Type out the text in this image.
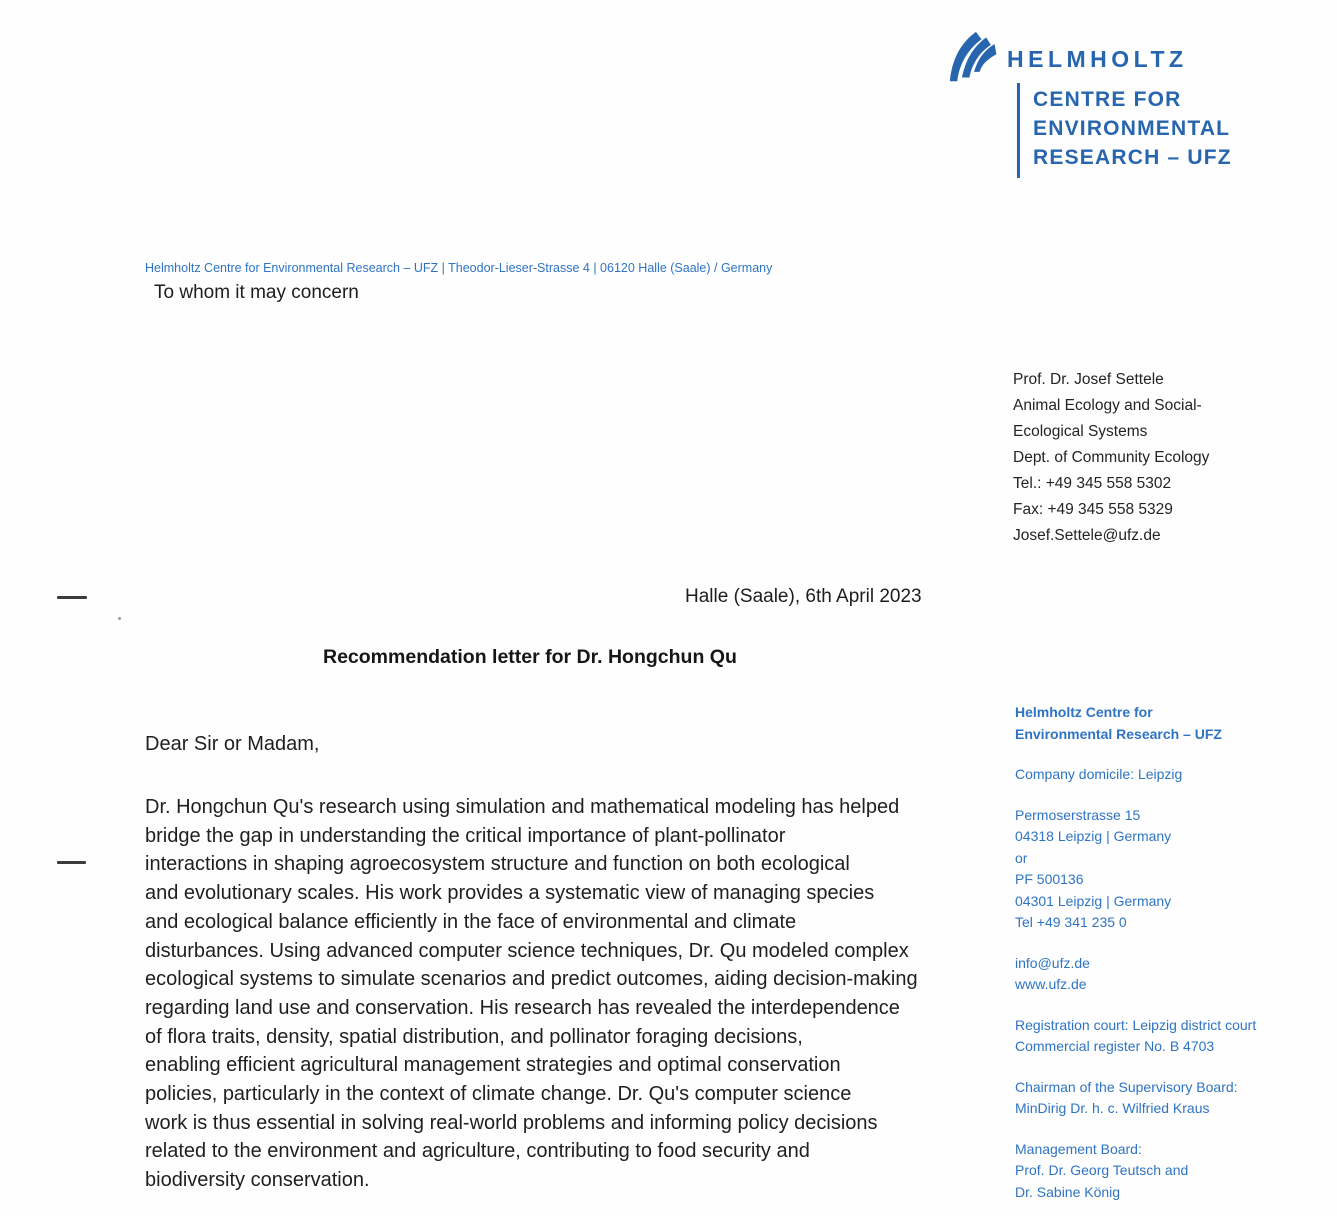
HELMHOLTZ
CENTRE FOR
ENVIRONMENTAL
RESEARCH – UFZ
Helmholtz Centre for Environmental Research – UFZ | Theodor-Lieser-Strasse 4 | 06120 Halle (Saale) / Germany
To whom it may concern
Prof. Dr. Josef Settele
Animal Ecology and Social-
Ecological Systems
Dept. of Community Ecology
Tel.: +49 345 558 5302
Fax: +49 345 558 5329
Josef.Settele@ufz.de
Halle (Saale), 6th April 2023
Recommendation letter for Dr. Hongchun Qu
Dear Sir or Madam,
Dr. Hongchun Qu's research using simulation and mathematical modeling has helped
bridge the gap in understanding the critical importance of plant-pollinator
interactions in shaping agroecosystem structure and function on both ecological
and evolutionary scales. His work provides a systematic view of managing species
and ecological balance efficiently in the face of environmental and climate
disturbances. Using advanced computer science techniques, Dr. Qu modeled complex
ecological systems to simulate scenarios and predict outcomes, aiding decision-making
regarding land use and conservation. His research has revealed the interdependence
of flora traits, density, spatial distribution, and pollinator foraging decisions,
enabling efficient agricultural management strategies and optimal conservation
policies, particularly in the context of climate change. Dr. Qu's computer science
work is thus essential in solving real-world problems and informing policy decisions
related to the environment and agriculture, contributing to food security and
biodiversity conservation.
Helmholtz Centre for
Environmental Research – UFZ
Company domicile: Leipzig
Permoserstrasse 15
04318 Leipzig | Germany
or
PF 500136
04301 Leipzig | Germany
Tel +49 341 235 0
info@ufz.de
www.ufz.de
Registration court: Leipzig district court
Commercial register No. B 4703
Chairman of the Supervisory Board:
MinDirig Dr. h. c. Wilfried Kraus
Management Board:
Prof. Dr. Georg Teutsch and
Dr. Sabine König
